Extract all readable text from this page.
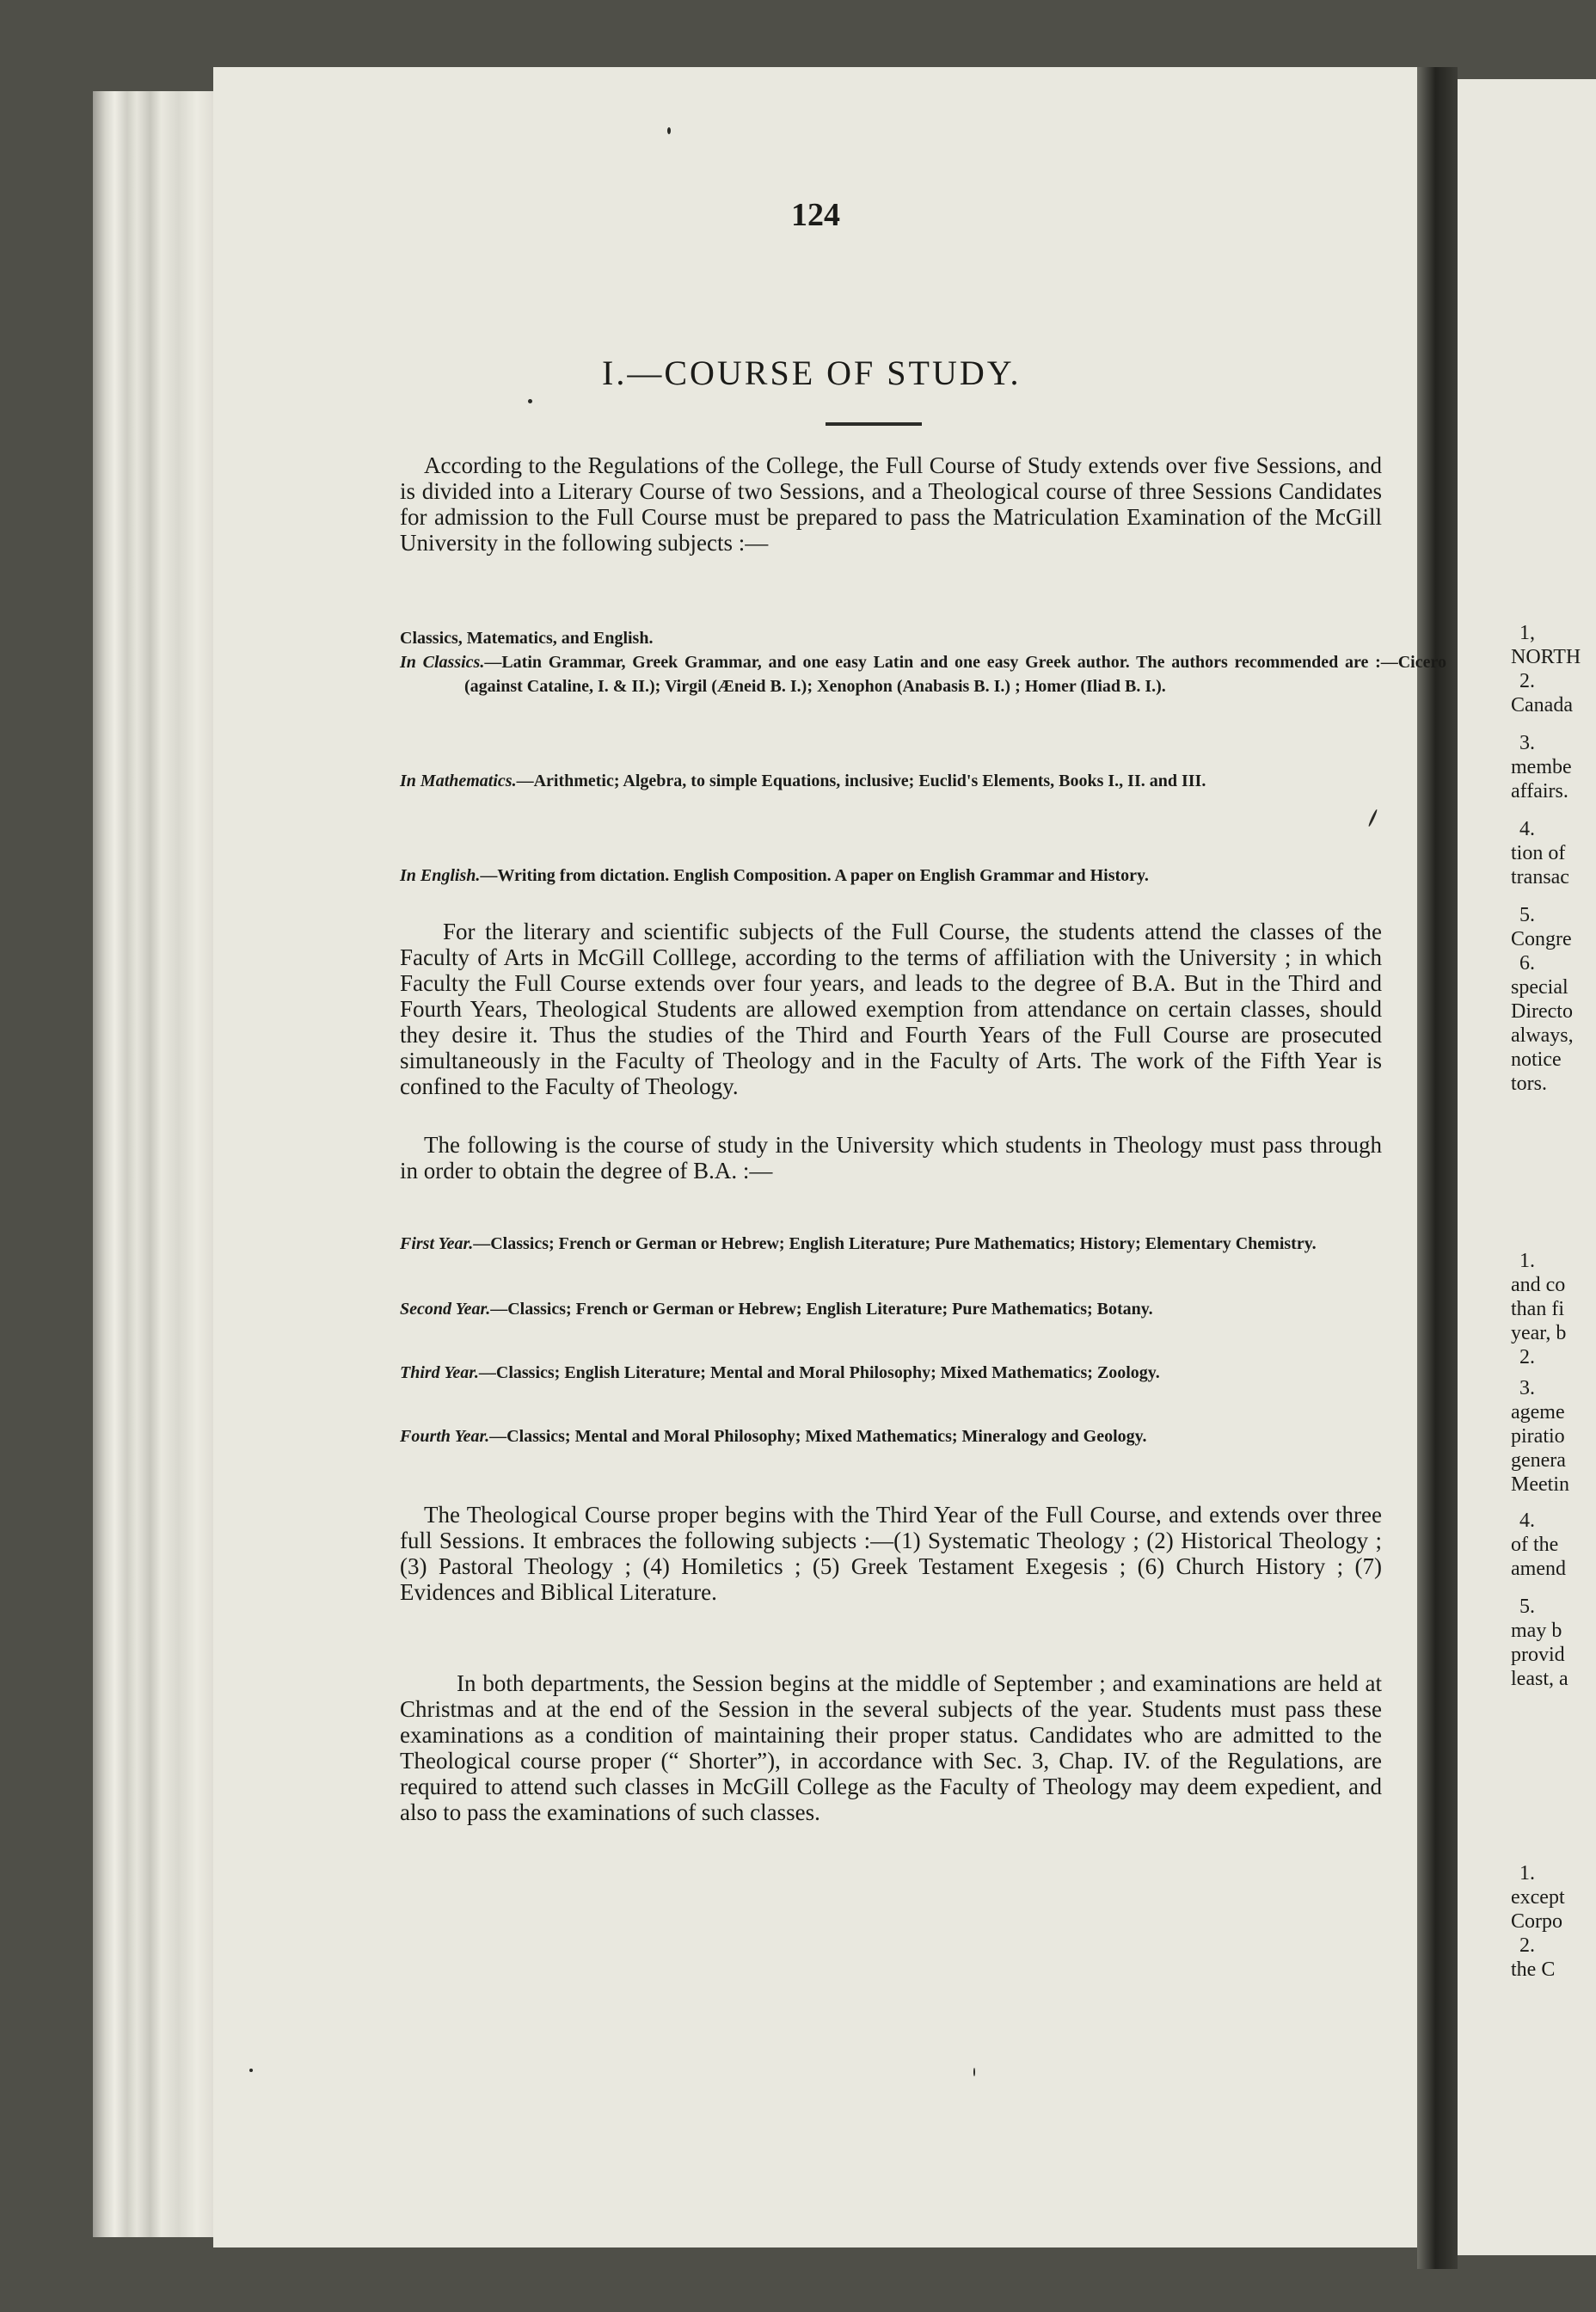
1,
NORTH
2.
Canada
3.
membe
affairs.
4.
tion of
transac
5.
Congre
6.
special
Directo
always,
notice
tors.
1.
and co
than fi
year, b
2.
3.
ageme
piratio
genera
Meetin
4.
of the
amend
5.
may b
provid
least, a
1.
except
Corpo
2.
the C
124
I.—COURSE OF STUDY.
According to the Regulations of the College, the Full Course of Study extends over five Sessions, and is divided into a Literary Course of two Sessions, and a Theological course of three Sessions Candidates for admission to the Full Course must be prepared to pass the Matriculation Examination of the McGill University in the following subjects :—
Classics, Matematics, and English.
In Classics.—Latin Grammar, Greek Grammar, and one easy Latin and one easy Greek author. The authors recommended are :—Cicero (against Cataline, I. & II.); Virgil (Æneid B. I.); Xenophon (Anabasis B. I.) ; Homer (Iliad B. I.).
In Mathematics.—Arithmetic; Algebra, to simple Equations, inclusive; Euclid's Elements, Books I., II. and III.
In English.—Writing from dictation. English Composition. A paper on English Grammar and History.
For the literary and scientific subjects of the Full Course, the students attend the classes of the Faculty of Arts in McGill Colllege, according to the terms of affiliation with the University ; in which Faculty the Full Course extends over four years, and leads to the degree of B.A. But in the Third and Fourth Years, Theological Students are allowed exemption from attendance on certain classes, should they desire it. Thus the studies of the Third and Fourth Years of the Full Course are prosecuted simultaneously in the Faculty of Theology and in the Faculty of Arts. The work of the Fifth Year is confined to the Faculty of Theology.
The following is the course of study in the University which students in Theology must pass through in order to obtain the degree of B.A. :—
First Year.—Classics; French or German or Hebrew; English Literature; Pure Mathematics; History; Elementary Chemistry.
Second Year.—Classics; French or German or Hebrew; English Literature; Pure Mathematics; Botany.
Third Year.—Classics; English Literature; Mental and Moral Philosophy; Mixed Mathematics; Zoology.
Fourth Year.—Classics; Mental and Moral Philosophy; Mixed Mathematics; Mineralogy and Geology.
The Theological Course proper begins with the Third Year of the Full Course, and extends over three full Sessions. It embraces the following subjects :—(1) Systematic Theology ; (2) Historical Theology ; (3) Pastoral Theology ; (4) Homiletics ; (5) Greek Testament Exegesis ; (6) Church History ; (7) Evidences and Biblical Literature.
In both departments, the Session begins at the middle of September ; and examinations are held at Christmas and at the end of the Session in the several subjects of the year. Students must pass these examinations as a condition of maintaining their proper status. Candidates who are admitted to the Theological course proper (“ Shorter”), in accordance with Sec. 3, Chap. IV. of the Regulations, are required to attend such classes in McGill College as the Faculty of Theology may deem expedient, and also to pass the examinations of such classes.
